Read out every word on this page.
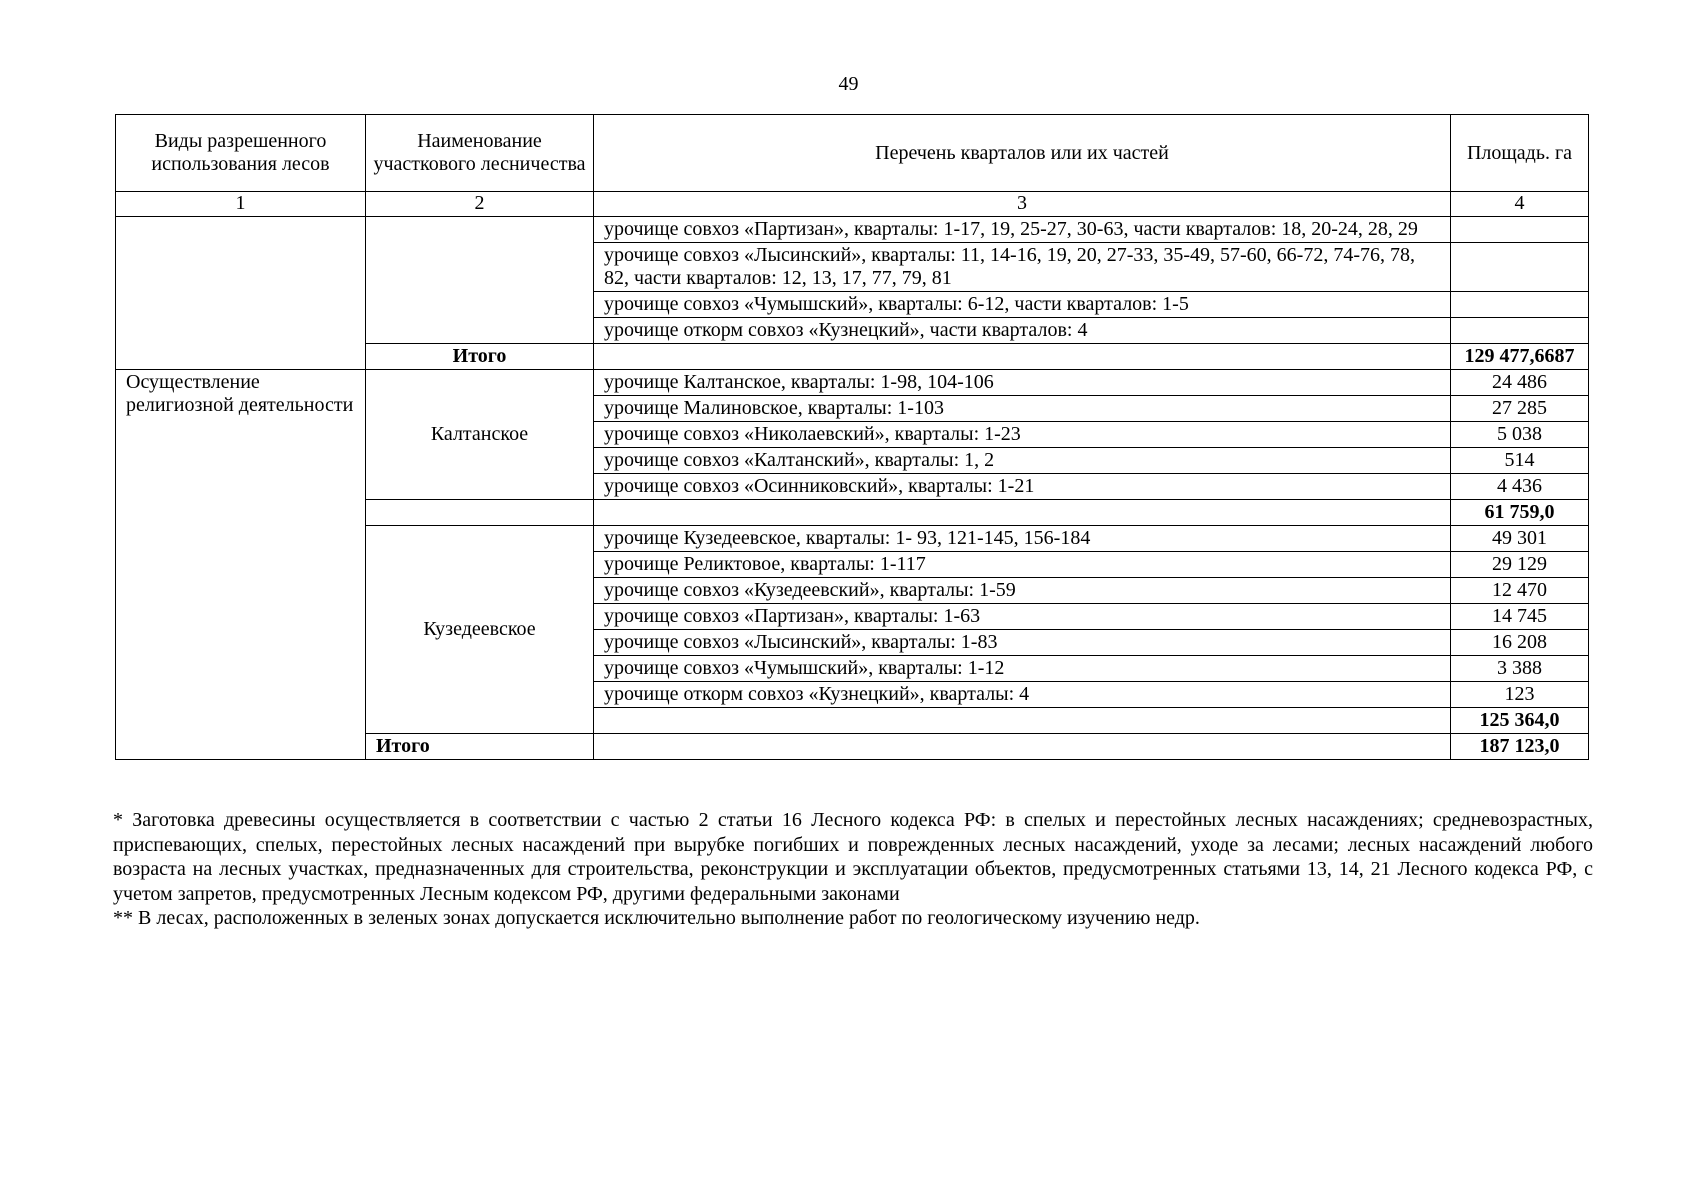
49
Виды разрешенного использования лесов	Наименование участкового лесничества	Перечень кварталов или их частей	Площадь. га
1	2	3	4
		урочище совхоз «Партизан», кварталы: 1-17, 19, 25-27, 30-63, части кварталов: 18, 20-24, 28, 29	
		урочище совхоз «Лысинский», кварталы: 11, 14-16, 19, 20, 27-33, 35-49, 57-60, 66-72, 74-76, 78, 82, части кварталов: 12, 13, 17, 77, 79, 81	
		урочище совхоз «Чумышский», кварталы: 6-12, части кварталов: 1-5	
		урочище откорм совхоз «Кузнецкий», части кварталов: 4	
	Итого		129 477,6687
Осуществление религиозной деятельности	Калтанское	урочище Калтанское, кварталы: 1-98, 104-106	24 486
		урочище Малиновское, кварталы: 1-103	27 285
		урочище совхоз «Николаевский», кварталы: 1-23	5 038
		урочище совхоз «Калтанский», кварталы: 1, 2	514
		урочище совхоз «Осинниковский», кварталы: 1-21	4 436
			61 759,0
	Кузедеевское	урочище Кузедеевское, кварталы: 1- 93, 121-145, 156-184	49 301
		урочище Реликтовое, кварталы: 1-117	29 129
		урочище совхоз «Кузедеевский», кварталы: 1-59	12 470
		урочище совхоз «Партизан», кварталы: 1-63	14 745
		урочище совхоз «Лысинский», кварталы: 1-83	16 208
		урочище совхоз «Чумышский», кварталы: 1-12	3 388
		урочище откорм совхоз «Кузнецкий», кварталы: 4	123
			125 364,0
	Итого		187 123,0

* Заготовка древесины осуществляется в соответствии с частью 2 статьи 16 Лесного кодекса РФ: в спелых и перестойных лесных насаждениях; средневозрастных, приспевающих, спелых, перестойных лесных насаждений при вырубке погибших и поврежденных лесных насаждений, уходе за лесами; лесных насаждений любого возраста на лесных участках, предназначенных для строительства, реконструкции и эксплуатации объектов, предусмотренных статьями 13, 14, 21 Лесного кодекса РФ, с учетом запретов, предусмотренных Лесным кодексом РФ, другими федеральными законами

** В лесах, расположенных в зеленых зонах допускается исключительно выполнение работ по геологическому изучению недр.
